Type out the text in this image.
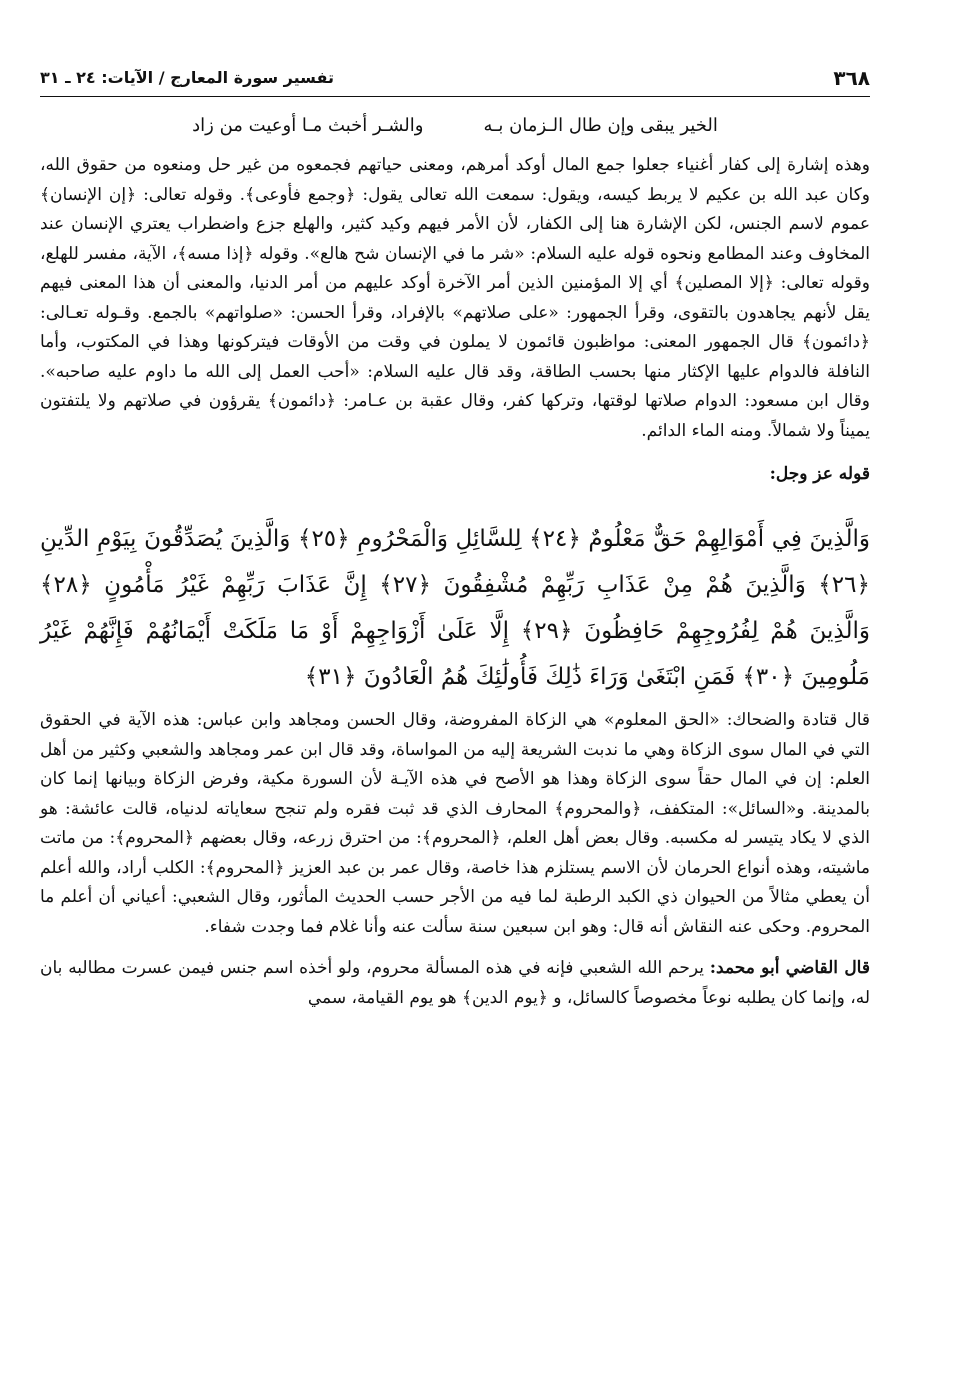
٣٦٨
تفسير سورة المعارج / الآيات: ٢٤ ـ ٣١
الخير يبقى وإن طال الـزمان بـه
والشـر أخبث مـا أوعيت من زاد

وهذه إشارة إلى كفار أغنياء جعلوا جمع المال أوكد أمرهم، ومعنى حياتهم فجمعوه من غير حل ومنعوه من حقوق الله، وكان عبد الله بن عكيم لا يربط كيسه، ويقول: سمعت الله تعالى يقول: ﴿وجمع فأوعى﴾. وقوله تعالى: ﴿إن الإنسان﴾ عموم لاسم الجنس، لكن الإشارة هنا إلى الكفار، لأن الأمر فيهم وكيد كثير، والهلع جزع واضطراب يعتري الإنسان عند المخاوف وعند المطامع ونحوه قوله عليه السلام: «شر ما في الإنسان شح هالع». وقوله ﴿إذا مسه﴾، الآية، مفسر للهلع، وقوله تعالى: ﴿إلا المصلين﴾ أي إلا المؤمنين الذين أمر الآخرة أوكد عليهم من أمر الدنيا، والمعنى أن هذا المعنى فيهم يقل لأنهم يجاهدون بالتقوى، وقرأ الجمهور: «على صلاتهم» بالإفراد، وقرأ الحسن: «صلواتهم» بالجمع. وقـوله تعـالى: ﴿دائمون﴾ قال الجمهور المعنى: مواظبون قائمون لا يملون في وقت من الأوقات فيتركونها وهذا في المكتوب، وأما النافلة فالدوام عليها الإكثار منها بحسب الطاقة، وقد قال عليه السلام: «أحب العمل إلى الله ما داوم عليه صاحبه». وقال ابن مسعود: الدوام صلاتها لوقتها، وتركها كفر، وقال عقبة بن عـامر: ﴿دائمون﴾ يقرؤون في صلاتهم ولا يلتفتون يميناً ولا شمالاً. ومنه الماء الدائم.

قوله عز وجل:
وَالَّذِينَ فِي أَمْوَالِهِمْ حَقٌّ مَعْلُومٌ ﴿٢٤﴾ لِلسَّائِلِ وَالْمَحْرُومِ ﴿٢٥﴾ وَالَّذِينَ يُصَدِّقُونَ بِيَوْمِ الدِّينِ ﴿٢٦﴾ وَالَّذِينَ هُمْ مِنْ عَذَابِ رَبِّهِمْ مُشْفِقُونَ ﴿٢٧﴾ إِنَّ عَذَابَ رَبِّهِمْ غَيْرُ مَأْمُونٍ ﴿٢٨﴾ وَالَّذِينَ هُمْ لِفُرُوجِهِمْ حَافِظُونَ ﴿٢٩﴾ إِلَّا عَلَىٰ أَزْوَاجِهِمْ أَوْ مَا مَلَكَتْ أَيْمَانُهُمْ فَإِنَّهُمْ غَيْرُ مَلُومِينَ ﴿٣٠﴾ فَمَنِ ابْتَغَىٰ وَرَاءَ ذَٰلِكَ فَأُولَٰئِكَ هُمُ الْعَادُونَ ﴿٣١﴾

قال قتادة والضحاك: «الحق المعلوم» هي الزكاة المفروضة، وقال الحسن ومجاهد وابن عباس: هذه الآية في الحقوق التي في المال سوى الزكاة وهي ما ندبت الشريعة إليه من المواساة، وقد قال ابن عمر ومجاهد والشعبي وكثير من أهل العلم: إن في المال حقاً سوى الزكاة وهذا هو الأصح في هذه الآيـة لأن السورة مكية، وفرض الزكاة وبيانها إنما كان بالمدينة. و«السائل»: المتكفف، ﴿والمحروم﴾ المحارف الذي قد ثبت فقره ولم تنجح سعاياته لدنياه، قالت عائشة: هو الذي لا يكاد يتيسر له مكسبه. وقال بعض أهل العلم، ﴿المحروم﴾: من احترق زرعه، وقال بعضهم ﴿المحروم﴾: من ماتت ماشيته، وهذه أنواع الحرمان لأن الاسم يستلزم هذا خاصة، وقال عمر بن عبد العزيز ﴿المحروم﴾: الكلب أراد، والله أعلم أن يعطي مثالاً من الحيوان ذي الكبد الرطبة لما فيه من الأجر حسب الحديث المأثور، وقال الشعبي: أعياني أن أعلم ما المحروم. وحكى عنه النقاش أنه قال: وهو ابن سبعين سنة سألت عنه وأنا غلام فما وجدت شفاء.

قال القاضي أبو محمد: يرحم الله الشعبي فإنه في هذه المسألة محروم، ولو أخذه اسم جنس فيمن عسرت مطالبه بان له، وإنما كان يطلبه نوعاً مخصوصاً كالسائل، و ﴿يوم الدين﴾ هو يوم القيامة، سمي
